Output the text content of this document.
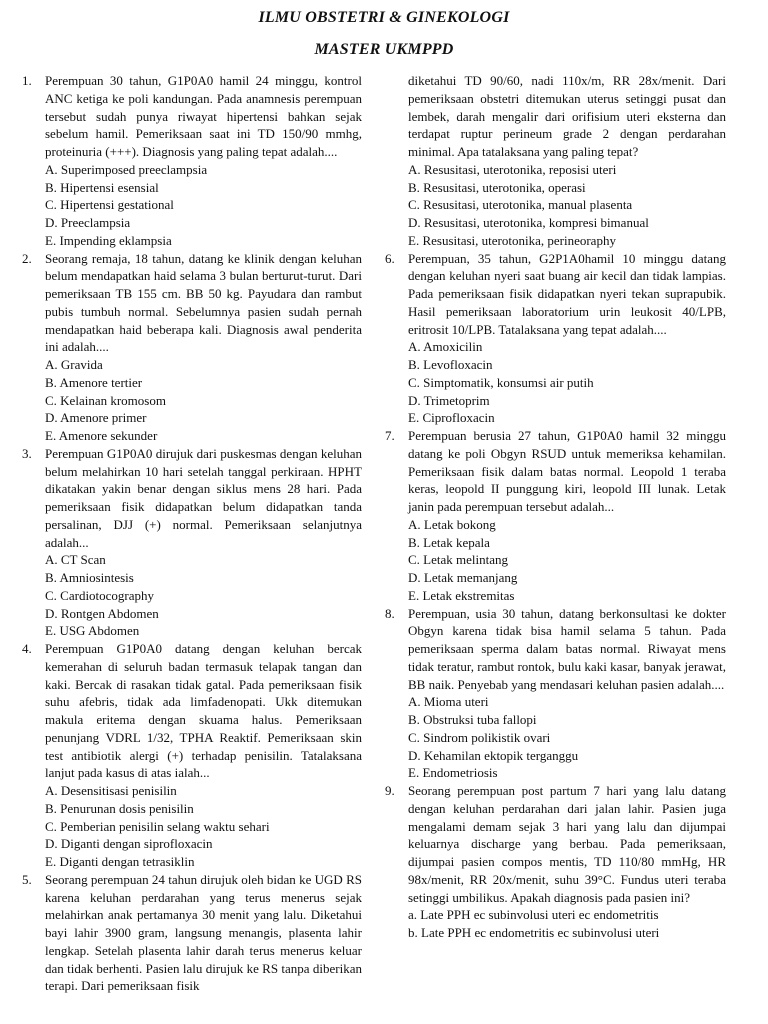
ILMU OBSTETRI & GINEKOLOGI
MASTER UKMPPD
1.	Perempuan 30 tahun, G1P0A0 hamil 24 minggu, kontrol ANC ketiga ke poli kandungan. Pada anamnesis perempuan tersebut sudah punya riwayat hipertensi bahkan sejak sebelum hamil. Pemeriksaan saat ini TD 150/90 mmhg, proteinuria (+++). Diagnosis yang paling tepat adalah....
A. Superimposed preeclampsia
B. Hipertensi esensial
C. Hipertensi gestational
D. Preeclampsia
E. Impending eklampsia
2.	Seorang remaja, 18 tahun, datang ke klinik dengan keluhan belum mendapatkan haid selama 3 bulan berturut-turut. Dari pemeriksaan TB 155 cm. BB 50 kg. Payudara dan rambut pubis tumbuh normal. Sebelumnya pasien sudah pernah mendapatkan haid beberapa kali. Diagnosis awal penderita ini adalah....
A. Gravida
B. Amenore tertier
C. Kelainan kromosom
D. Amenore primer
E. Amenore sekunder
3.	Perempuan G1P0A0 dirujuk dari puskesmas dengan keluhan belum melahirkan 10 hari setelah tanggal perkiraan. HPHT dikatakan yakin benar dengan siklus mens 28 hari. Pada pemeriksaan fisik didapatkan belum didapatkan tanda persalinan, DJJ (+) normal. Pemeriksaan selanjutnya adalah...
A. CT Scan
B. Amniosintesis
C. Cardiotocography
D. Rontgen Abdomen
E. USG Abdomen
4.	Perempuan G1P0A0 datang dengan keluhan bercak kemerahan di seluruh badan termasuk telapak tangan dan kaki. Bercak di rasakan tidak gatal. Pada pemeriksaan fisik suhu afebris, tidak ada limfadenopati. Ukk ditemukan makula eritema dengan skuama halus. Pemeriksaan penunjang VDRL 1/32, TPHA Reaktif. Pemeriksaan skin test antibiotik alergi (+) terhadap penisilin. Tatalaksana lanjut pada kasus di atas ialah...
A. Desensitisasi penisilin
B. Penurunan dosis penisilin
C. Pemberian penisilin selang waktu sehari
D. Diganti dengan siprofloxacin
E. Diganti dengan tetrasiklin
5.	Seorang perempuan 24 tahun dirujuk oleh bidan ke UGD RS karena keluhan perdarahan yang terus menerus sejak melahirkan anak pertamanya 30 menit yang lalu. Diketahui bayi lahir 3900 gram, langsung menangis, plasenta lahir lengkap. Setelah plasenta lahir darah terus menerus keluar dan tidak berhenti. Pasien lalu dirujuk ke RS tanpa diberikan terapi. Dari pemeriksaan fisik
diketahui TD 90/60, nadi 110x/m, RR 28x/menit. Dari pemeriksaan obstetri ditemukan uterus setinggi pusat dan lembek, darah mengalir dari orifisium uteri eksterna dan terdapat ruptur perineum grade 2 dengan perdarahan minimal. Apa tatalaksana yang paling tepat?
A. Resusitasi, uterotonika, reposisi uteri
B. Resusitasi, uterotonika, operasi
C. Resusitasi, uterotonika, manual plasenta
D. Resusitasi, uterotonika, kompresi bimanual
E. Resusitasi, uterotonika, perineoraphy
6.	Perempuan, 35 tahun, G2P1A0hamil 10 minggu datang dengan keluhan nyeri saat buang air kecil dan tidak lampias. Pada pemeriksaan fisik didapatkan nyeri tekan suprapubik. Hasil pemeriksaan laboratorium urin leukosit 40/LPB, eritrosit 10/LPB. Tatalaksana yang tepat adalah....
A. Amoxicilin
B. Levofloxacin
C. Simptomatik, konsumsi air putih
D. Trimetoprim
E. Ciprofloxacin
7.	Perempuan berusia 27 tahun, G1P0A0 hamil 32 minggu datang ke poli Obgyn RSUD untuk memeriksa kehamilan. Pemeriksaan fisik dalam batas normal. Leopold 1 teraba keras, leopold II punggung kiri, leopold III lunak. Letak janin pada perempuan tersebut adalah...
A. Letak bokong
B. Letak kepala
C. Letak melintang
D. Letak memanjang
E. Letak ekstremitas
8.	Perempuan, usia 30 tahun, datang berkonsultasi ke dokter Obgyn karena tidak bisa hamil selama 5 tahun. Pada pemeriksaan sperma dalam batas normal. Riwayat mens tidak teratur, rambut rontok, bulu kaki kasar, banyak jerawat, BB naik. Penyebab yang mendasari keluhan pasien adalah....
A. Mioma uteri
B. Obstruksi tuba fallopi
C. Sindrom polikistik ovari
D. Kehamilan ektopik terganggu
E. Endometriosis
9.	Seorang perempuan post partum 7 hari yang lalu datang dengan keluhan perdarahan dari jalan lahir. Pasien juga mengalami demam sejak 3 hari yang lalu dan dijumpai keluarnya discharge yang berbau. Pada pemeriksaan, dijumpai pasien compos mentis, TD 110/80 mmHg, HR 98x/menit, RR 20x/menit, suhu 39°C. Fundus uteri teraba setinggi umbilikus. Apakah diagnosis pada pasien ini?
a. Late PPH ec subinvolusi uteri ec endometritis
b. Late PPH ec endometritis ec subinvolusi uteri
